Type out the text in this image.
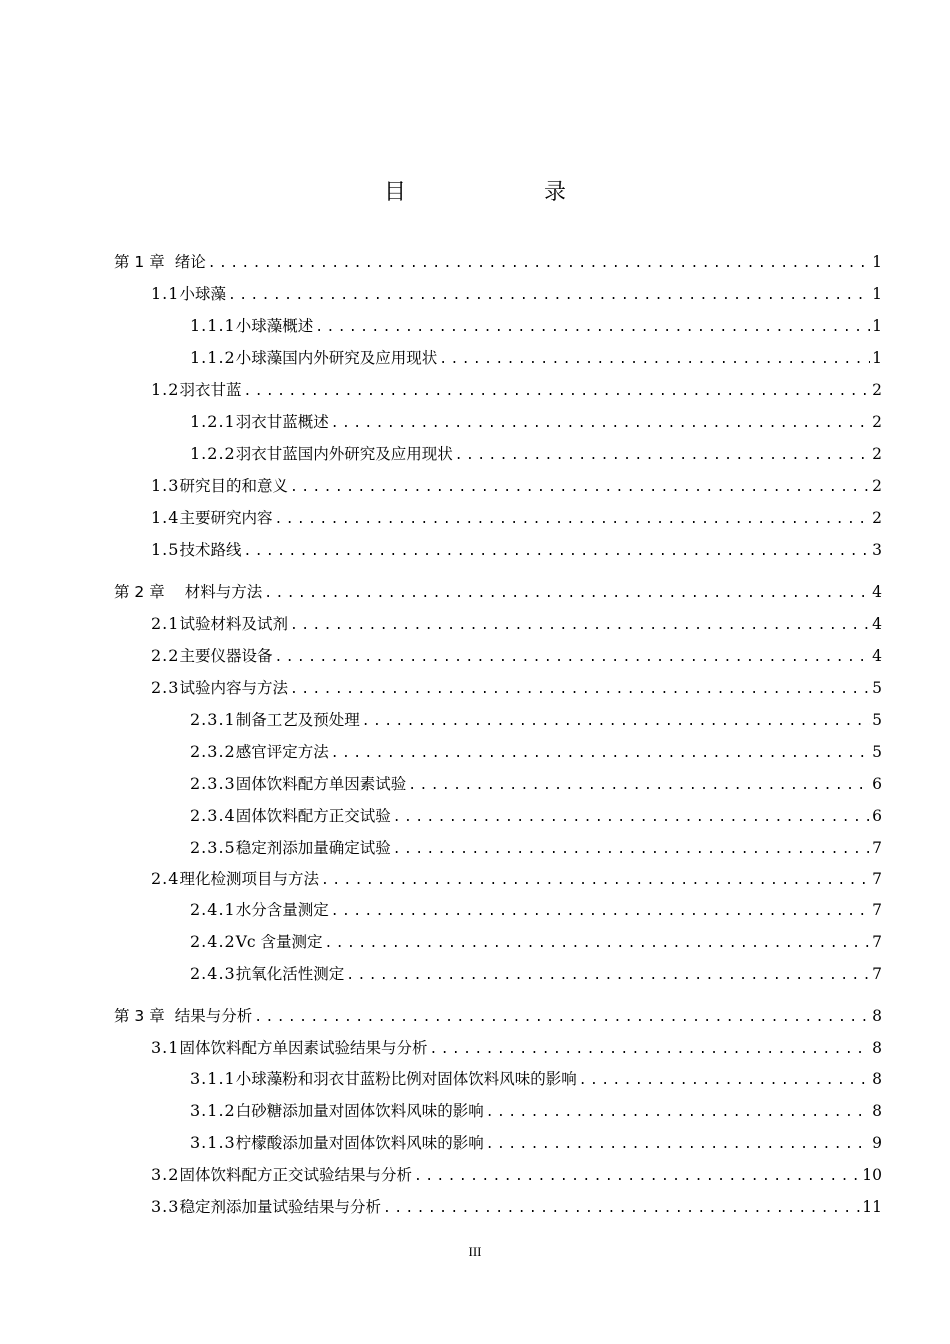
目　录
第 1 章 绪论 .....	1
1.1 小球藻 .....	1
1.1.1 小球藻概述 .....	1
1.1.2 小球藻国内外研究及应用现状 .....	1
1.2 羽衣甘蓝 .....	2
1.2.1 羽衣甘蓝概述 .....	2
1.2.2 羽衣甘蓝国内外研究及应用现状 .....	2
1.3 研究目的和意义 .....	2
1.4 主要研究内容 .....	2
1.5 技术路线 .....	3
第 2 章 材料与方法 .....	4
2.1 试验材料及试剂 .....	4
2.2 主要仪器设备 .....	4
2.3 试验内容与方法 .....	5
2.3.1 制备工艺及预处理 .....	5
2.3.2 感官评定方法 .....	5
2.3.3 固体饮料配方单因素试验 .....	6
2.3.4 固体饮料配方正交试验 .....	6
2.3.5 稳定剂添加量确定试验 .....	7
2.4 理化检测项目与方法 .....	7
2.4.1 水分含量测定 .....	7
2.4.2 Vc 含量测定 .....	7
2.4.3 抗氧化活性测定 .....	7
第 3 章 结果与分析 .....	8
3.1 固体饮料配方单因素试验结果与分析 .....	8
3.1.1 小球藻粉和羽衣甘蓝粉比例对固体饮料风味的影响 .....	8
3.1.2 白砂糖添加量对固体饮料风味的影响 .....	8
3.1.3 柠檬酸添加量对固体饮料风味的影响 .....	9
3.2 固体饮料配方正交试验结果与分析 .....	10
3.3 稳定剂添加量试验结果与分析 .....	11
III
